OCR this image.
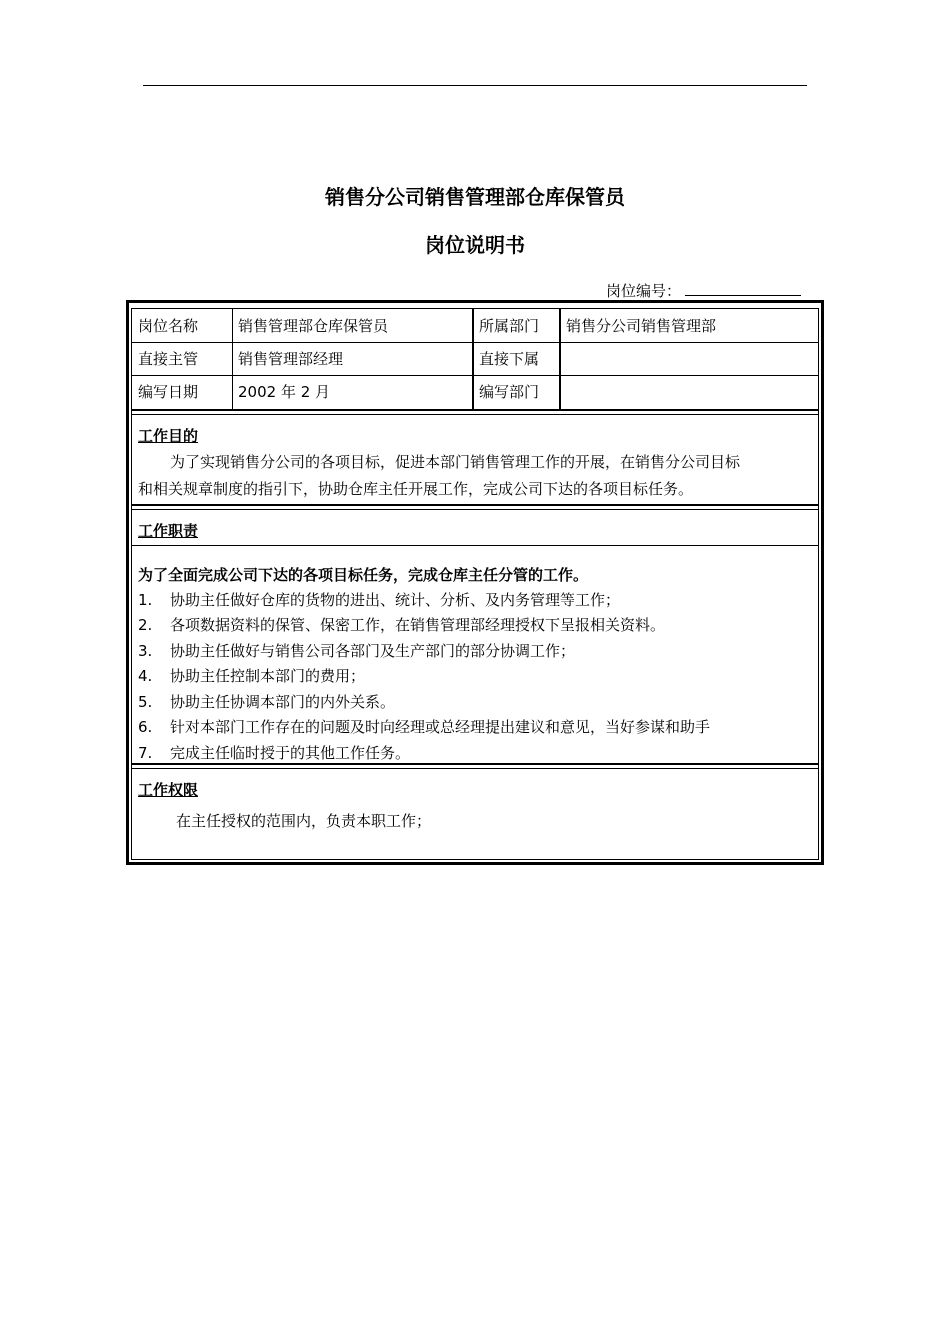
销售分公司销售管理部仓库保管员
岗位说明书
岗位编号：
岗位名称	销售管理部仓库保管员	所属部门 销售分公司销售管理部
直接主管	销售管理部经理	直接下属
编写日期	2002 年 2 月	编写部门
工作目的
为了实现销售分公司的各项目标，促进本部门销售管理工作的开展，在销售分公司目标
和相关规章制度的指引下，协助仓库主任开展工作，完成公司下达的各项目标任务。
工作职责
为了全面完成公司下达的各项目标任务，完成仓库主任分管的工作。
1. 协助主任做好仓库的货物的进出、统计、分析、及内务管理等工作；
2. 各项数据资料的保管、保密工作，在销售管理部经理授权下呈报相关资料。
3. 协助主任做好与销售公司各部门及生产部门的部分协调工作；
4. 协助主任控制本部门的费用；
5. 协助主任协调本部门的内外关系。
6. 针对本部门工作存在的问题及时向经理或总经理提出建议和意见，当好参谋和助手
7. 完成主任临时授于的其他工作任务。
工作权限
在主任授权的范围内，负责本职工作；
